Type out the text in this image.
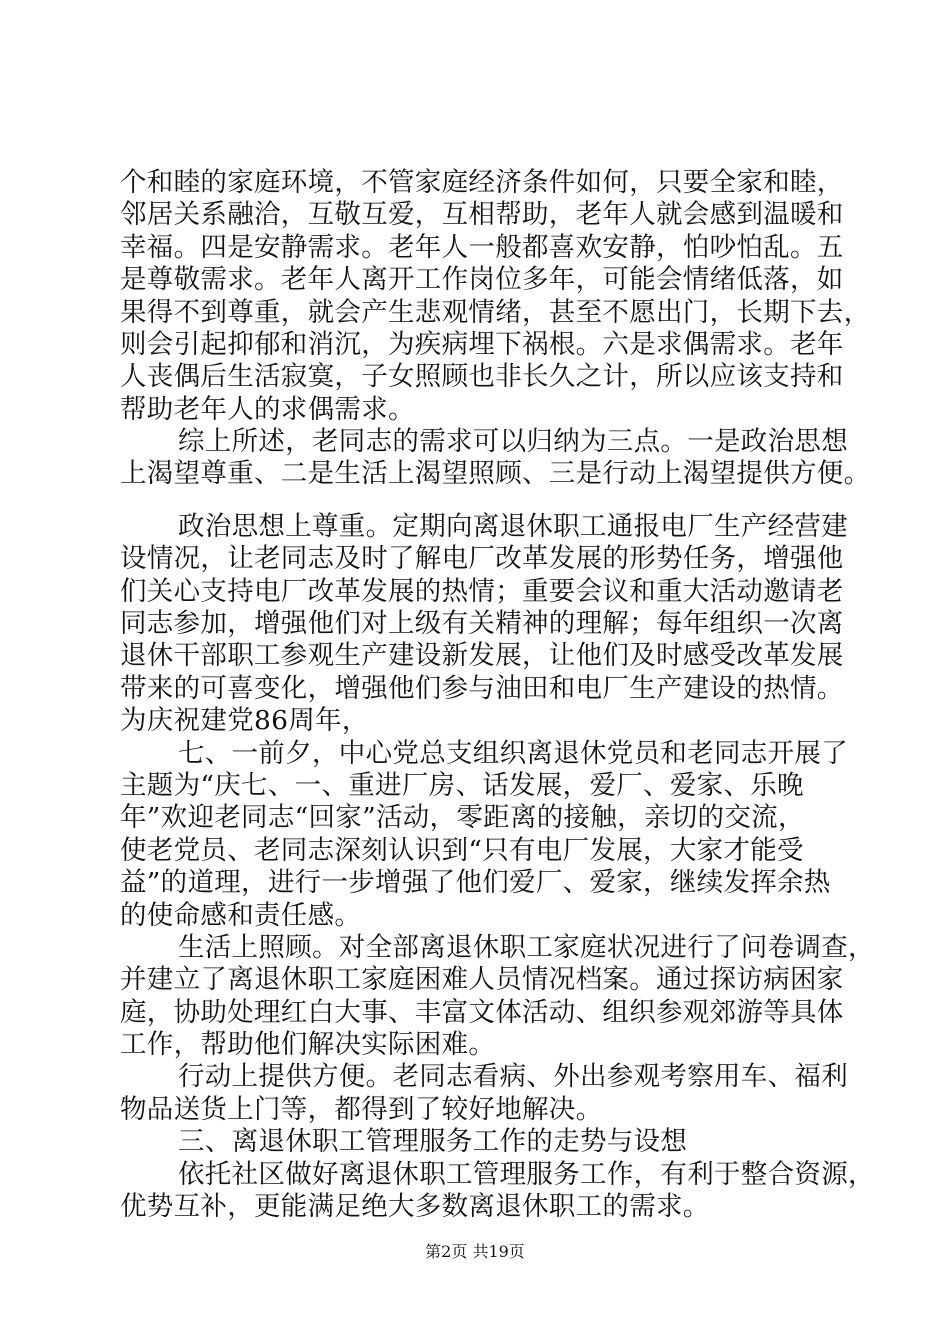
个和睦的家庭环境，不管家庭经济条件如何，只要全家和睦，
邻居关系融洽，互敬互爱，互相帮助，老年人就会感到温暖和
幸福。四是安静需求。老年人一般都喜欢安静，怕吵怕乱。五
是尊敬需求。老年人离开工作岗位多年，可能会情绪低落，如
果得不到尊重，就会产生悲观情绪，甚至不愿出门，长期下去，
则会引起抑郁和消沉，为疾病埋下祸根。六是求偶需求。老年
人丧偶后生活寂寞，子女照顾也非长久之计，所以应该支持和
帮助老年人的求偶需求。
综上所述，老同志的需求可以归纳为三点。一是政治思想
上渴望尊重、二是生活上渴望照顾、三是行动上渴望提供方便。
政治思想上尊重。定期向离退休职工通报电厂生产经营建
设情况，让老同志及时了解电厂改革发展的形势任务，增强他
们关心支持电厂改革发展的热情；重要会议和重大活动邀请老
同志参加，增强他们对上级有关精神的理解；每年组织一次离
退休干部职工参观生产建设新发展，让他们及时感受改革发展
带来的可喜变化，增强他们参与油田和电厂生产建设的热情。
为庆祝建党86周年，
七、一前夕，中心党总支组织离退休党员和老同志开展了
主题为“庆七、一、重进厂房、话发展，爱厂、爱家、乐晚
年”欢迎老同志“回家”活动，零距离的接触，亲切的交流，
使老党员、老同志深刻认识到“只有电厂发展，大家才能受
益”的道理，进行一步增强了他们爱厂、爱家，继续发挥余热
的使命感和责任感。
生活上照顾。对全部离退休职工家庭状况进行了问卷调查，
并建立了离退休职工家庭困难人员情况档案。通过探访病困家
庭，协助处理红白大事、丰富文体活动、组织参观郊游等具体
工作，帮助他们解决实际困难。
行动上提供方便。老同志看病、外出参观考察用车、福利
物品送货上门等，都得到了较好地解决。
第2页 共19页
三、离退休职工管理服务工作的走势与设想
依托社区做好离退休职工管理服务工作，有利于整合资源，
优势互补，更能满足绝大多数离退休职工的需求。
